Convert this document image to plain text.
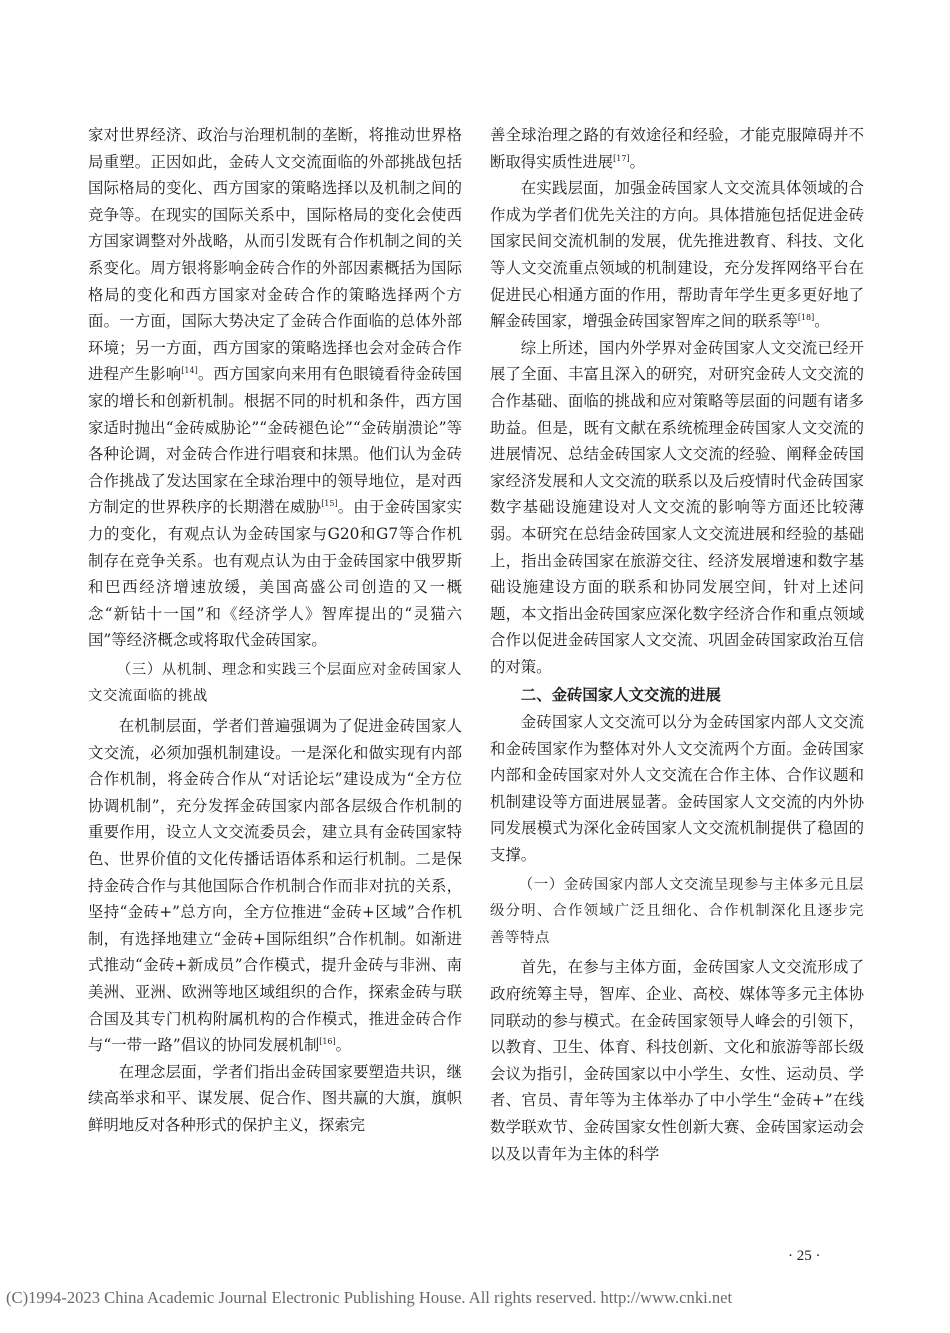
家对世界经济、政治与治理机制的垄断，将推动世界格局重塑。正因如此，金砖人文交流面临的外部挑战包括国际格局的变化、西方国家的策略选择以及机制之间的竞争等。在现实的国际关系中，国际格局的变化会使西方国家调整对外战略，从而引发既有合作机制之间的关系变化。周方银将影响金砖合作的外部因素概括为国际格局的变化和西方国家对金砖合作的策略选择两个方面。一方面，国际大势决定了金砖合作面临的总体外部环境；另一方面，西方国家的策略选择也会对金砖合作进程产生影响[14]。西方国家向来用有色眼镜看待金砖国家的增长和创新机制。根据不同的时机和条件，西方国家适时抛出“金砖威胁论”“金砖褪色论”“金砖崩溃论”等各种论调，对金砖合作进行唱衰和抹黑。他们认为金砖合作挑战了发达国家在全球治理中的领导地位，是对西方制定的世界秩序的长期潜在威胁[15]。由于金砖国家实力的变化，有观点认为金砖国家与G20和G7等合作机制存在竞争关系。也有观点认为由于金砖国家中俄罗斯和巴西经济增速放缓，美国高盛公司创造的又一概念“新钻十一国”和《经济学人》智库提出的“灵猫六国”等经济概念或将取代金砖国家。

（三）从机制、理念和实践三个层面应对金砖国家人文交流面临的挑战

在机制层面，学者们普遍强调为了促进金砖国家人文交流，必须加强机制建设。一是深化和做实现有内部合作机制，将金砖合作从“对话论坛”建设成为“全方位协调机制”，充分发挥金砖国家内部各层级合作机制的重要作用，设立人文交流委员会，建立具有金砖国家特色、世界价值的文化传播话语体系和运行机制。二是保持金砖合作与其他国际合作机制合作而非对抗的关系，坚持“金砖+”总方向，全方位推进“金砖+区域”合作机制，有选择地建立“金砖+国际组织”合作机制。如渐进式推动“金砖+新成员”合作模式，提升金砖与非洲、南美洲、亚洲、欧洲等地区域组织的合作，探索金砖与联合国及其专门机构附属机构的合作模式，推进金砖合作与“一带一路”倡议的协同发展机制[16]。

在理念层面，学者们指出金砖国家要塑造共识，继续高举求和平、谋发展、促合作、图共赢的大旗，旗帜鲜明地反对各种形式的保护主义，探索完

善全球治理之路的有效途径和经验，才能克服障碍并不断取得实质性进展[17]。

在实践层面，加强金砖国家人文交流具体领域的合作成为学者们优先关注的方向。具体措施包括促进金砖国家民间交流机制的发展，优先推进教育、科技、文化等人文交流重点领域的机制建设，充分发挥网络平台在促进民心相通方面的作用，帮助青年学生更多更好地了解金砖国家，增强金砖国家智库之间的联系等[18]。

综上所述，国内外学界对金砖国家人文交流已经开展了全面、丰富且深入的研究，对研究金砖人文交流的合作基础、面临的挑战和应对策略等层面的问题有诸多助益。但是，既有文献在系统梳理金砖国家人文交流的进展情况、总结金砖国家人文交流的经验、阐释金砖国家经济发展和人文交流的联系以及后疫情时代金砖国家数字基础设施建设对人文交流的影响等方面还比较薄弱。本研究在总结金砖国家人文交流进展和经验的基础上，指出金砖国家在旅游交往、经济发展增速和数字基础设施建设方面的联系和协同发展空间，针对上述问题，本文指出金砖国家应深化数字经济合作和重点领域合作以促进金砖国家人文交流、巩固金砖国家政治互信的对策。

二、金砖国家人文交流的进展

金砖国家人文交流可以分为金砖国家内部人文交流和金砖国家作为整体对外人文交流两个方面。金砖国家内部和金砖国家对外人文交流在合作主体、合作议题和机制建设等方面进展显著。金砖国家人文交流的内外协同发展模式为深化金砖国家人文交流机制提供了稳固的支撑。

（一）金砖国家内部人文交流呈现参与主体多元且层级分明、合作领域广泛且细化、合作机制深化且逐步完善等特点

首先，在参与主体方面，金砖国家人文交流形成了政府统筹主导，智库、企业、高校、媒体等多元主体协同联动的参与模式。在金砖国家领导人峰会的引领下，以教育、卫生、体育、科技创新、文化和旅游等部长级会议为指引，金砖国家以中小学生、女性、运动员、学者、官员、青年等为主体举办了中小学生“金砖+”在线数学联欢节、金砖国家女性创新大赛、金砖国家运动会以及以青年为主体的科学

· 25 ·
(C)1994-2023 China Academic Journal Electronic Publishing House. All rights reserved. http://www.cnki.net
